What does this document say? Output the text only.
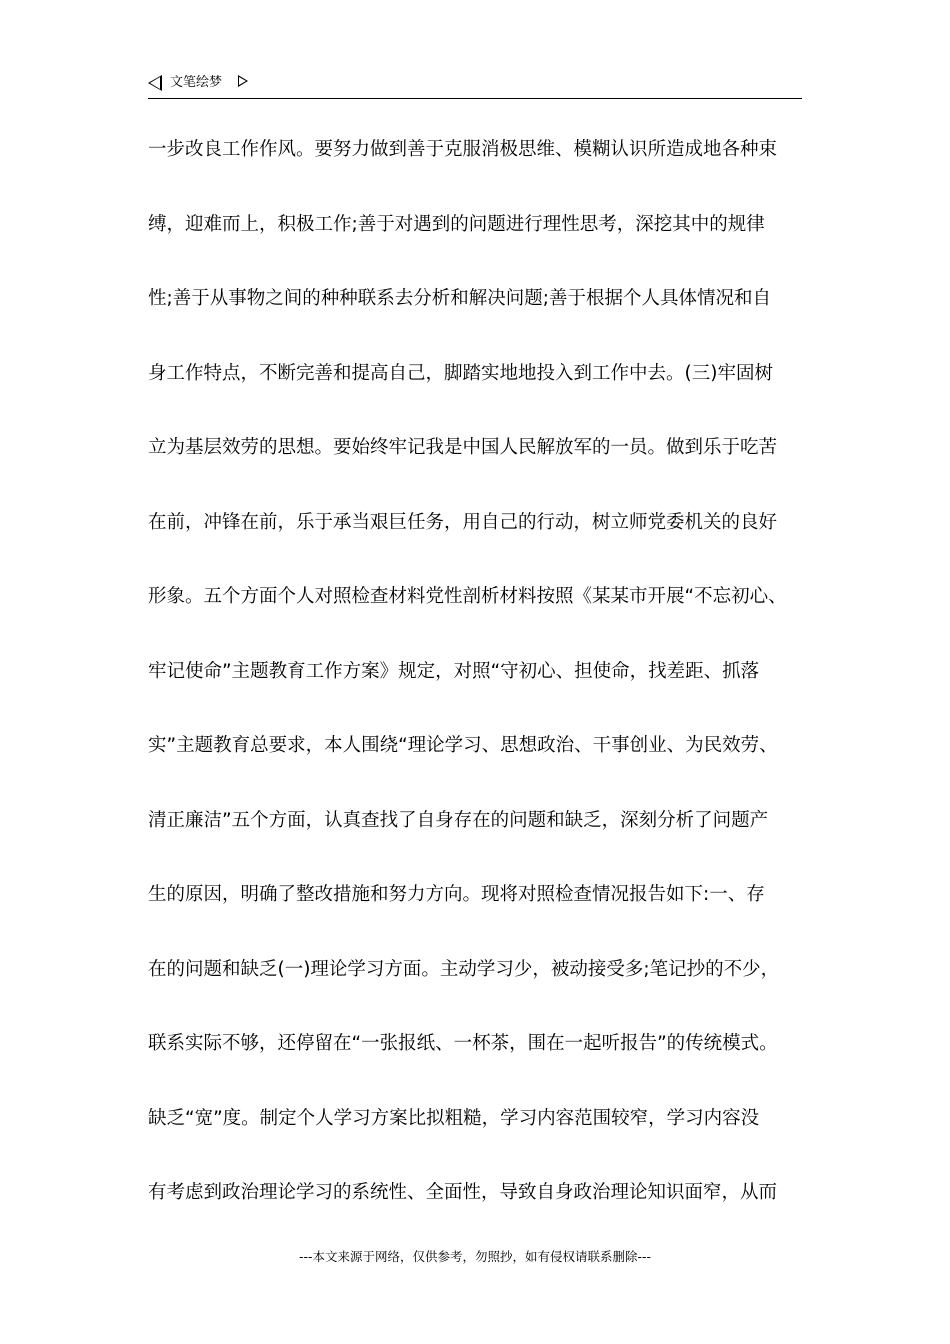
文笔绘梦
一步改良工作作风。要努力做到善于克服消极思维、模糊认识所造成地各种束
缚，迎难而上，积极工作;善于对遇到的问题进行理性思考，深挖其中的规律
性;善于从事物之间的种种联系去分析和解决问题;善于根据个人具体情况和自
身工作特点，不断完善和提高自己，脚踏实地地投入到工作中去。(三)牢固树
立为基层效劳的思想。要始终牢记我是中国人民解放军的一员。做到乐于吃苦
在前，冲锋在前，乐于承当艰巨任务，用自己的行动，树立师党委机关的良好
形象。五个方面个人对照检查材料党性剖析材料按照《某某市开展“不忘初心、
牢记使命”主题教育工作方案》规定，对照“守初心、担使命，找差距、抓落
实”主题教育总要求，本人围绕“理论学习、思想政治、干事创业、为民效劳、
清正廉洁”五个方面，认真查找了自身存在的问题和缺乏，深刻分析了问题产
生的原因，明确了整改措施和努力方向。现将对照检查情况报告如下:一、存
在的问题和缺乏(一)理论学习方面。主动学习少，被动接受多;笔记抄的不少，
联系实际不够，还停留在“一张报纸、一杯茶，围在一起听报告”的传统模式。
缺乏“宽”度。制定个人学习方案比拟粗糙，学习内容范围较窄，学习内容没
有考虑到政治理论学习的系统性、全面性，导致自身政治理论知识面窄，从而
---本文来源于网络，仅供参考，勿照抄，如有侵权请联系删除---
